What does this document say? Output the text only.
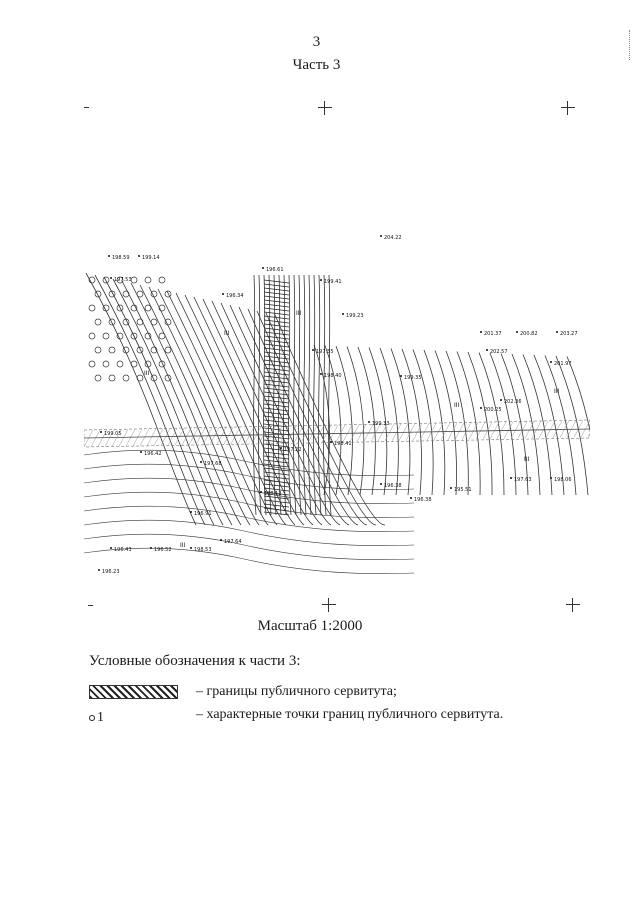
3
Часть 3
204.22
198.59	199.14
197.53
196.34
196.61
199.41
199.23
197.55
198.40	199.35
201.37	200.82
202.57
203.27
201.97
202.36
200.25
199.33
198.41
197.22
197.68
196.42
199.05
195.51
196.38
196.38
197.63	198.06
198.53
196.52
196.43
196.23
197.64
196.91
198.12
III
III
III
III
III
III
III
Масштаб 1:2000
Условные обозначения к части 3:
– границы публичного сервитута;
1	– характерные точки границ публичного сервитута.
